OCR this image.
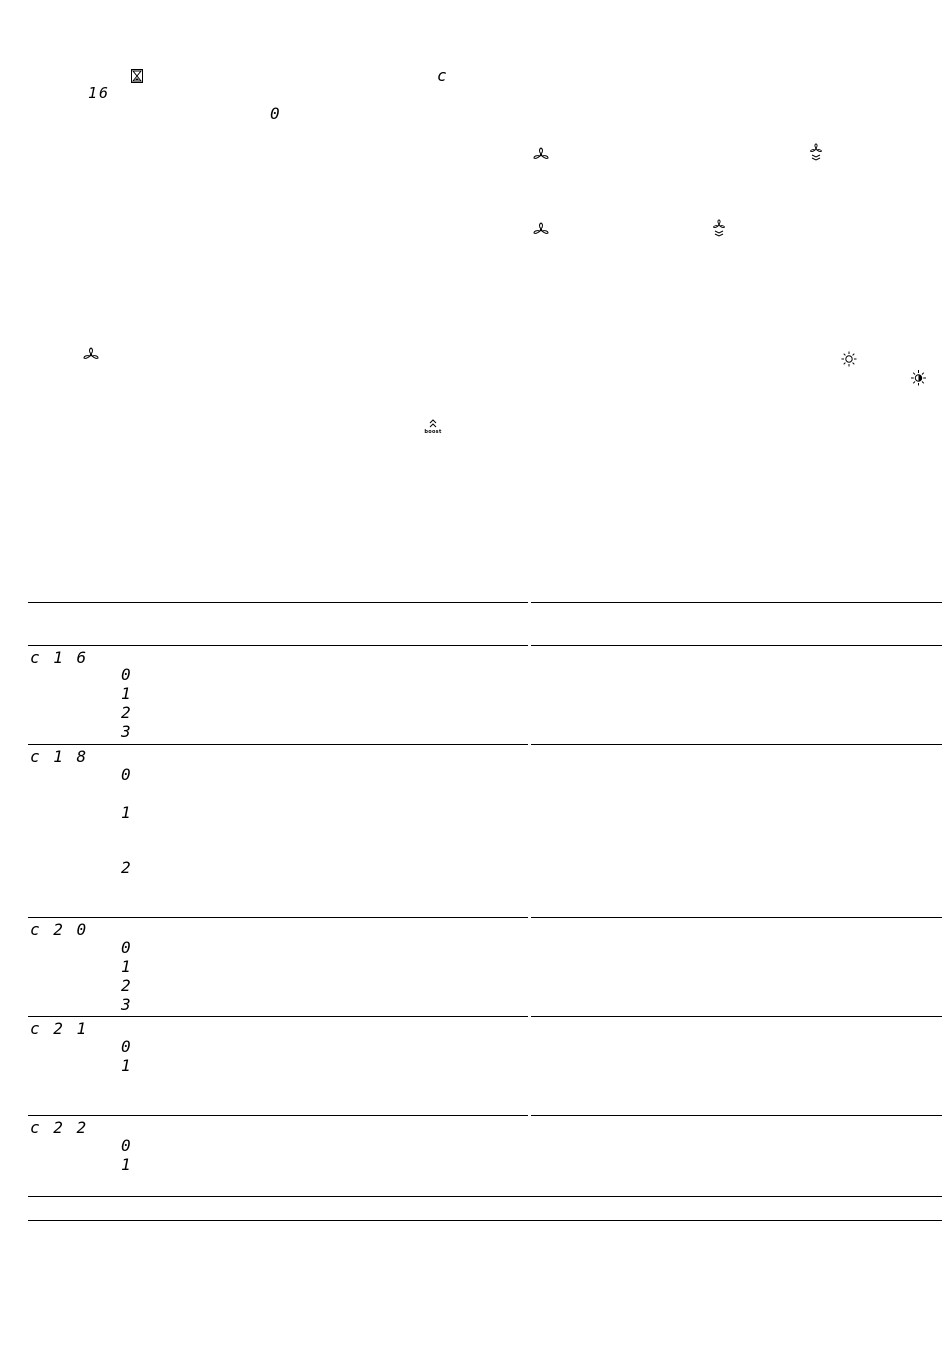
16
c
0
boost
c 1 6
0
1
2
3
c 1 8
0
1
2
c 2 0
0
1
2
3
c 2 1
0
1
c 2 2
0
1
